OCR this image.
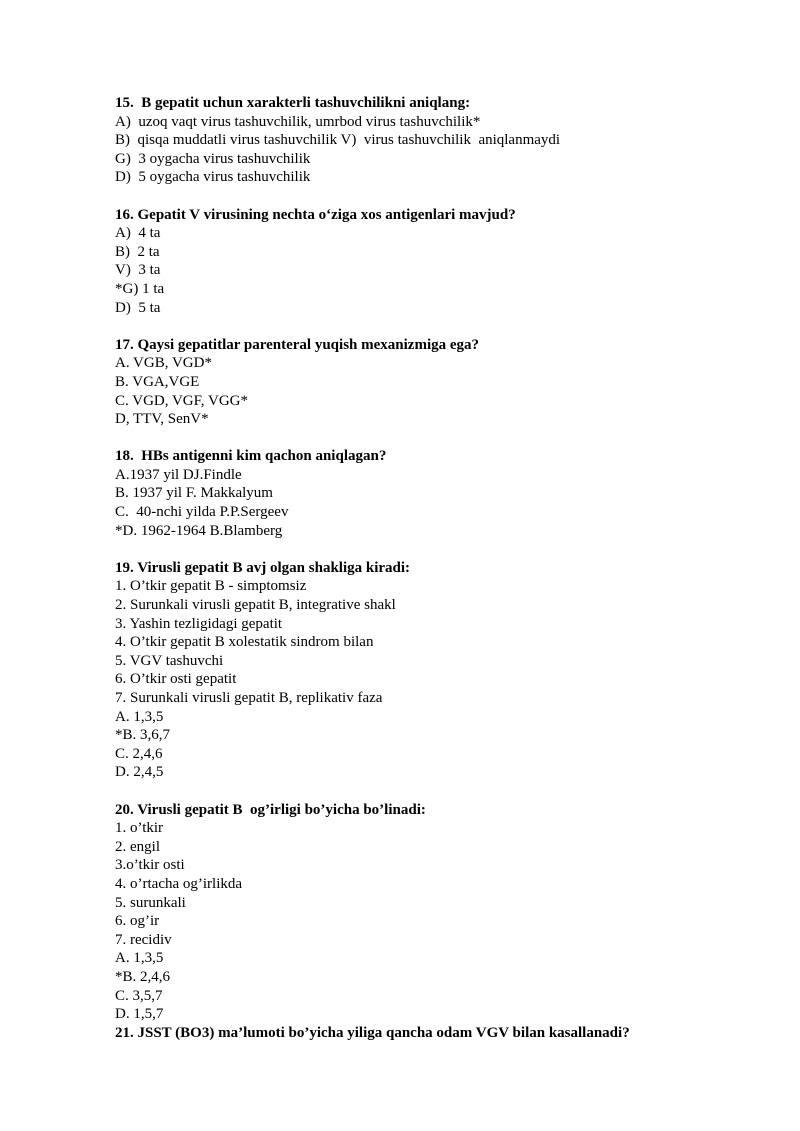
15.  B gepatit uchun xarakterli tashuvchilikni aniqlang:
A)  uzoq vaqt virus tashuvchilik, umrbod virus tashuvchilik*
B)  qisqa muddatli virus tashuvchilik V)  virus tashuvchilik  aniqlanmaydi
G)  3 oygacha virus tashuvchilik
D)  5 oygacha virus tashuvchilik
16. Gepatit V virusining nechta o‘ziga xos antigenlari mavjud?
A)  4 ta
B)  2 ta
V)  3 ta
*G) 1 ta
D)  5 ta
17. Qaysi gepatitlar parenteral yuqish mexanizmiga ega?
A. VGB, VGD*
B. VGA,VGE
C. VGD, VGF, VGG*
D, TTV, SenV*
18.  HBs antigenni kim qachon aniqlagan?
A.1937 yil DJ.Findle
B. 1937 yil F. Makkalyum
C.  40-nchi yilda P.P.Sergeev
*D. 1962-1964 B.Blamberg
19. Virusli gepatit B avj olgan shakliga kiradi:
1. O’tkir gepatit B - simptomsiz
2. Surunkali virusli gepatit B, integrative shakl
3. Yashin tezligidagi gepatit
4. O’tkir gepatit B xolestatik sindrom bilan
5. VGV tashuvchi
6. O’tkir osti gepatit
7. Surunkali virusli gepatit B, replikativ faza
A. 1,3,5
*B. 3,6,7
C. 2,4,6
D. 2,4,5
20. Virusli gepatit B  og’irligi bo’yicha bo’linadi:
1. o’tkir
2. engil
3.o’tkir osti
4. o’rtacha og’irlikda
5. surunkali
6. og’ir
7. recidiv
A. 1,3,5
*B. 2,4,6
C. 3,5,7
D. 1,5,7
21. JSST (BO3) ma’lumoti bo’yicha yiliga qancha odam VGV bilan kasallanadi?
